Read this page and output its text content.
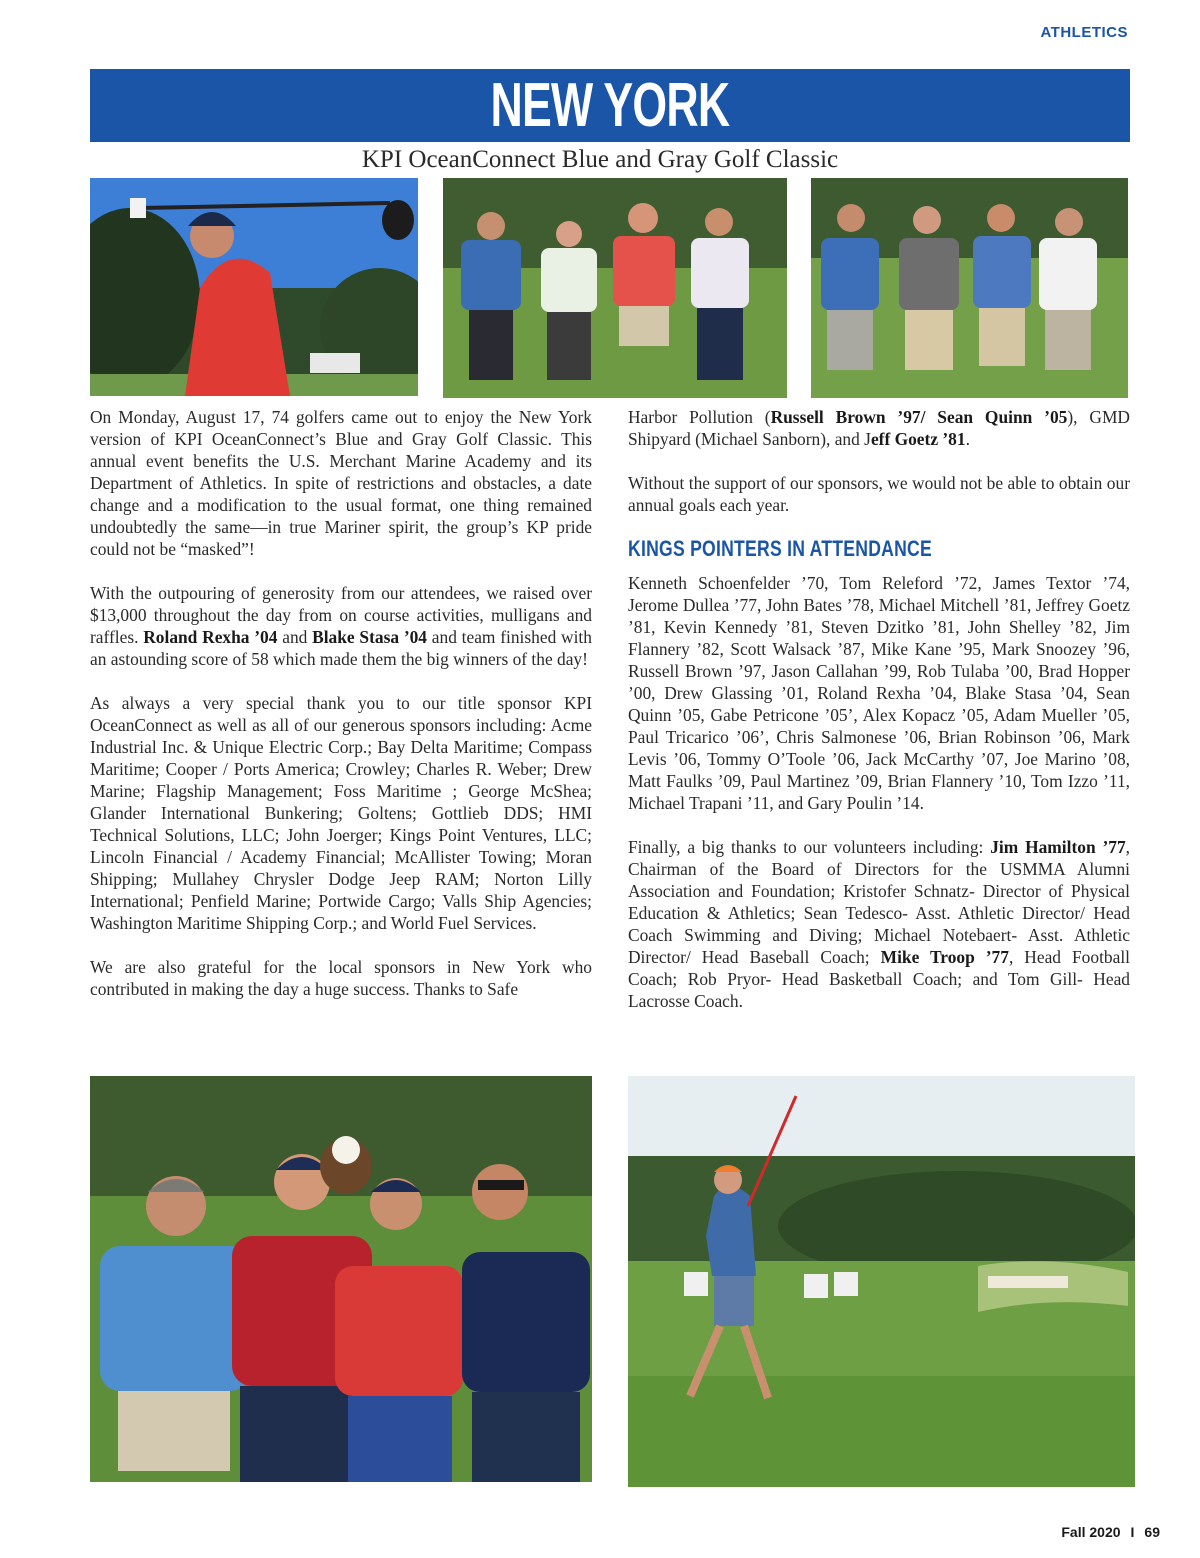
ATHLETICS
NEW YORK
KPI OceanConnect Blue and Gray Golf Classic

On Monday, August 17, 74 golfers came out to enjoy the New York version of KPI OceanConnect’s Blue and Gray Golf Classic. This annual event benefits the U.S. Merchant Marine Academy and its Department of Athletics. In spite of restrictions and obstacles, a date change and a modification to the usual format, one thing remained undoubtedly the same—in true Mariner spirit, the group’s KP pride could not be “masked”!

With the outpouring of generosity from our attendees, we raised over $13,000 throughout the day from on course activities, mulligans and raffles. Roland Rexha ’04 and Blake Stasa ’04 and team finished with an astounding score of 58 which made them the big winners of the day!

As always a very special thank you to our title sponsor KPI OceanConnect as well as all of our generous sponsors including: Acme Industrial Inc. & Unique Electric Corp.; Bay Delta Maritime; Compass Maritime; Cooper / Ports America; Crowley; Charles R. Weber; Drew Marine; Flagship Management; Foss Maritime ; George McShea; Glander International Bunkering; Goltens; Gottlieb DDS; HMI Technical Solutions, LLC; John Joerger; Kings Point Ventures, LLC; Lincoln Financial / Academy Financial; McAllister Towing; Moran Shipping; Mullahey Chrysler Dodge Jeep RAM; Norton Lilly International; Penfield Marine; Portwide Cargo; Valls Ship Agencies; Washington Maritime Shipping Corp.; and World Fuel Services.

We are also grateful for the local sponsors in New York who contributed in making the day a huge success. Thanks to Safe

Harbor Pollution (Russell Brown ’97/ Sean Quinn ’05), GMD Shipyard (Michael Sanborn), and Jeff Goetz ’81.

Without the support of our sponsors, we would not be able to obtain our annual goals each year.

KINGS POINTERS IN ATTENDANCE

Kenneth Schoenfelder ’70, Tom Releford ’72, James Textor ’74, Jerome Dullea ’77, John Bates ’78, Michael Mitchell ’81, Jeffrey Goetz ’81, Kevin Kennedy ’81, Steven Dzitko ’81, John Shelley ’82, Jim Flannery ’82, Scott Walsack ’87, Mike Kane ’95, Mark Snoozey ’96, Russell Brown ’97, Jason Callahan ’99, Rob Tulaba ’00, Brad Hopper ’00, Drew Glassing ’01, Roland Rexha ’04, Blake Stasa ’04, Sean Quinn ’05, Gabe Petricone ’05’, Alex Kopacz ’05, Adam Mueller ’05, Paul Tricarico ’06’, Chris Salmonese ’06, Brian Robinson ’06, Mark Levis ’06, Tommy O’Toole ’06, Jack McCarthy ’07, Joe Marino ’08, Matt Faulks ’09, Paul Martinez ’09, Brian Flannery ’10, Tom Izzo ’11, Michael Trapani ’11, and Gary Poulin ’14.

Finally, a big thanks to our volunteers including: Jim Hamilton ’77, Chairman of the Board of Directors for the USMMA Alumni Association and Foundation; Kristofer Schnatz- Director of Physical Education & Athletics; Sean Tedesco- Asst. Athletic Director/ Head Coach Swimming and Diving; Michael Notebaert- Asst. Athletic Director/ Head Baseball Coach; Mike Troop ’77, Head Football Coach; Rob Pryor- Head Basketball Coach; and Tom Gill- Head Lacrosse Coach.

Fall 2020 I 69
